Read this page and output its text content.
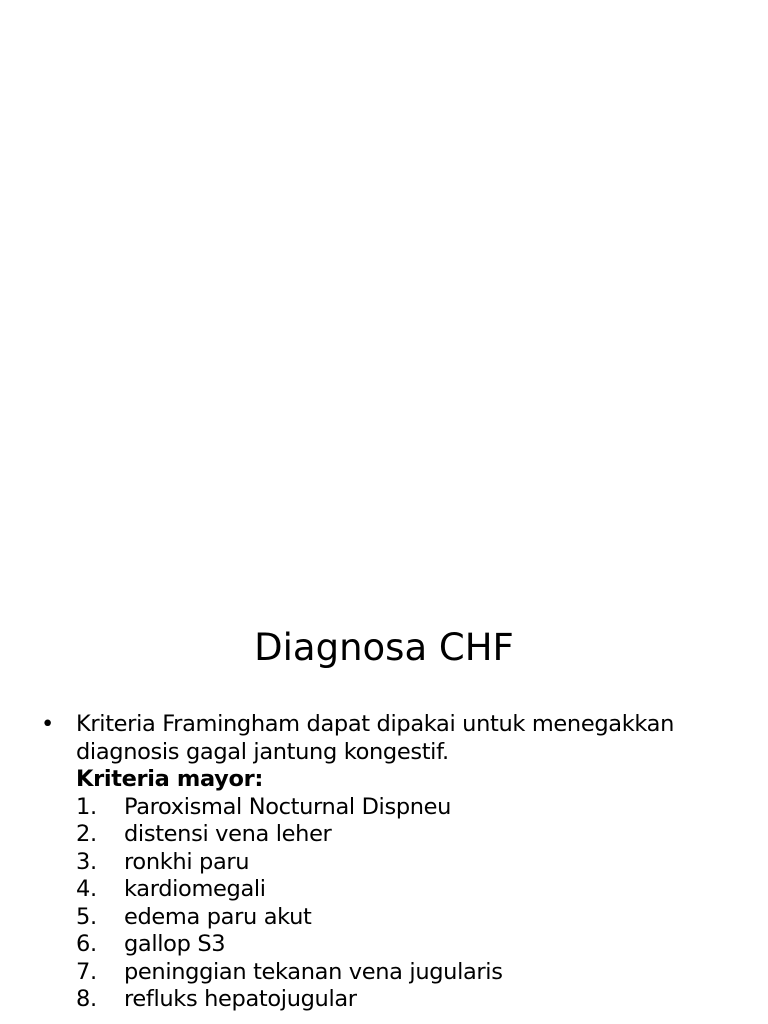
Diagnosa CHF
• Kriteria Framingham dapat dipakai untuk menegakkan diagnosis gagal jantung kongestif.
Kriteria mayor:
1. Paroxismal Nocturnal Dispneu
2. distensi vena leher
3. ronkhi paru
4. kardiomegali
5. edema paru akut
6. gallop S3
7. peninggian tekanan vena jugularis
8. refluks hepatojugular
